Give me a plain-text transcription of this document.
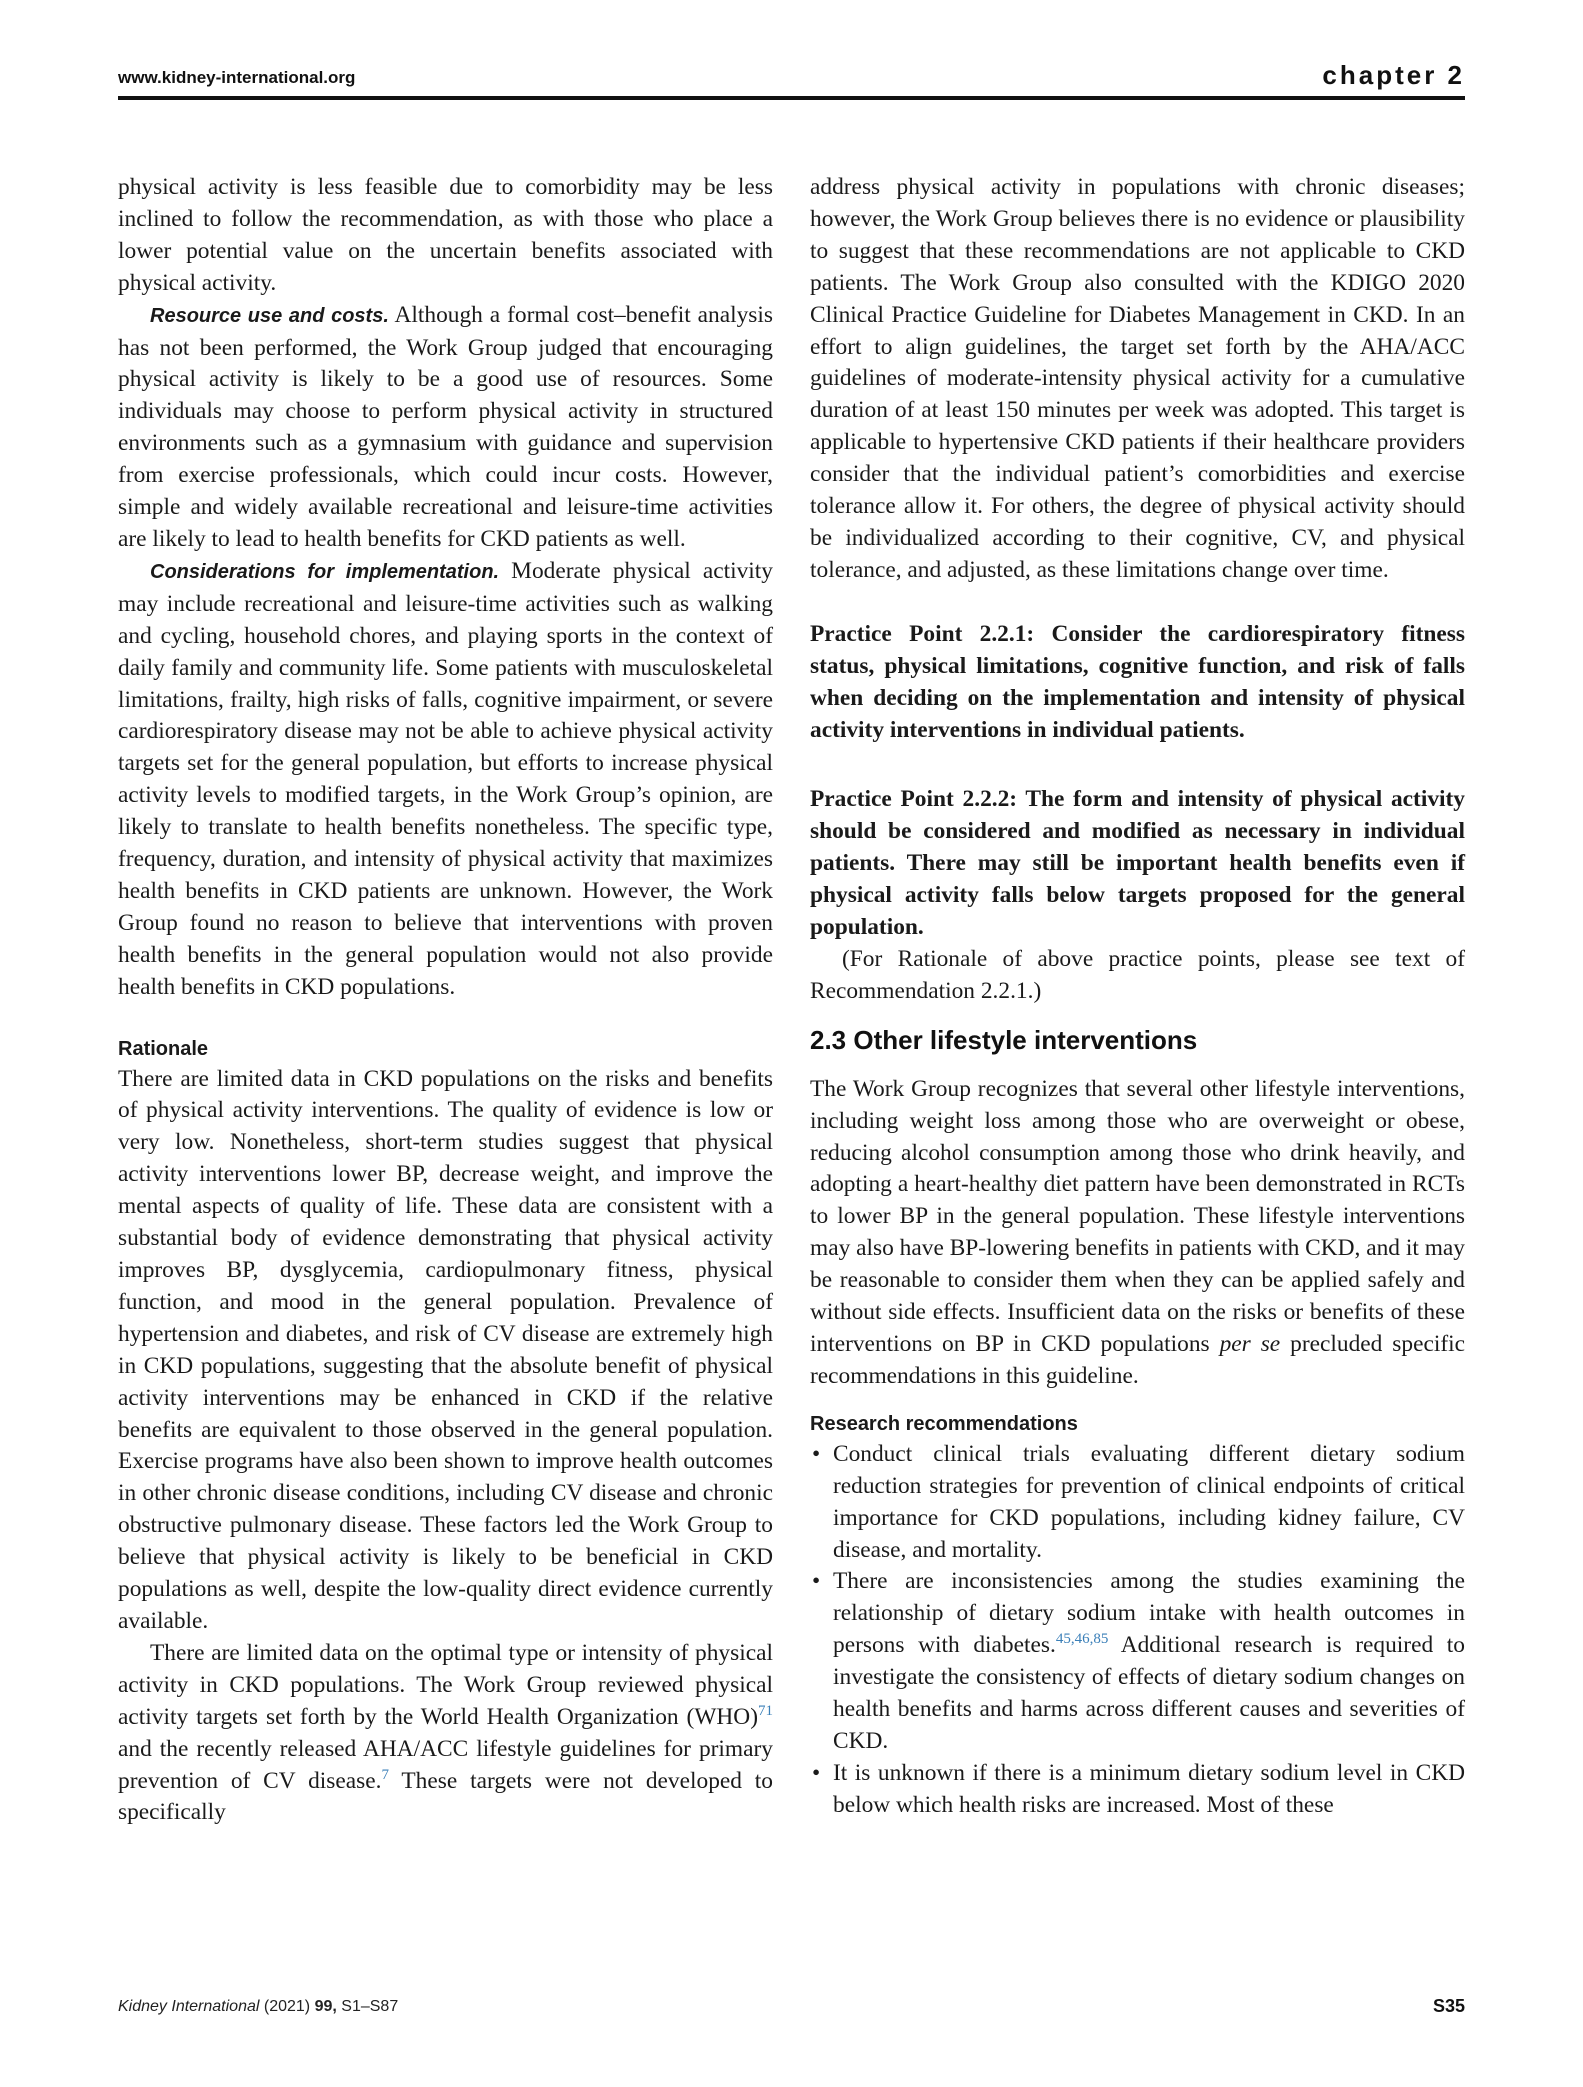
www.kidney-international.org	chapter 2

physical activity is less feasible due to comorbidity may be less inclined to follow the recommendation, as with those who place a lower potential value on the uncertain benefits associated with physical activity.

Resource use and costs. Although a formal cost–benefit analysis has not been performed, the Work Group judged that encouraging physical activity is likely to be a good use of resources. Some individuals may choose to perform physical activity in structured environments such as a gymnasium with guidance and supervision from exercise professionals, which could incur costs. However, simple and widely available recreational and leisure-time activities are likely to lead to health benefits for CKD patients as well.

Considerations for implementation. Moderate physical activity may include recreational and leisure-time activities such as walking and cycling, household chores, and playing sports in the context of daily family and community life. Some patients with musculoskeletal limitations, frailty, high risks of falls, cognitive impairment, or severe cardiorespiratory disease may not be able to achieve physical activity targets set for the general population, but efforts to increase physical activity levels to modified targets, in the Work Group’s opinion, are likely to translate to health benefits nonetheless. The specific type, frequency, duration, and intensity of physical activity that maximizes health benefits in CKD patients are unknown. However, the Work Group found no reason to believe that interventions with proven health benefits in the general population would not also provide health benefits in CKD populations.

Rationale

There are limited data in CKD populations on the risks and benefits of physical activity interventions. The quality of evidence is low or very low. Nonetheless, short-term studies suggest that physical activity interventions lower BP, decrease weight, and improve the mental aspects of quality of life. These data are consistent with a substantial body of evidence demonstrating that physical activity improves BP, dysglycemia, cardiopulmonary fitness, physical function, and mood in the general population. Prevalence of hypertension and diabetes, and risk of CV disease are extremely high in CKD populations, suggesting that the absolute benefit of physical activity interventions may be enhanced in CKD if the relative benefits are equivalent to those observed in the general population. Exercise programs have also been shown to improve health outcomes in other chronic disease conditions, including CV disease and chronic obstructive pulmonary disease. These factors led the Work Group to believe that physical activity is likely to be beneficial in CKD populations as well, despite the low-quality direct evidence currently available.

There are limited data on the optimal type or intensity of physical activity in CKD populations. The Work Group reviewed physical activity targets set forth by the World Health Organization (WHO)$^{71}$ and the recently released AHA/ACC lifestyle guidelines for primary prevention of CV disease.$^7$ These targets were not developed to specifically

address physical activity in populations with chronic diseases; however, the Work Group believes there is no evidence or plausibility to suggest that these recommendations are not applicable to CKD patients. The Work Group also consulted with the KDIGO 2020 Clinical Practice Guideline for Diabetes Management in CKD. In an effort to align guidelines, the target set forth by the AHA/ACC guidelines of moderate-intensity physical activity for a cumulative duration of at least 150 minutes per week was adopted. This target is applicable to hypertensive CKD patients if their healthcare providers consider that the individual patient’s comorbidities and exercise tolerance allow it. For others, the degree of physical activity should be individualized according to their cognitive, CV, and physical tolerance, and adjusted, as these limitations change over time.

Practice Point 2.2.1: Consider the cardiorespiratory fitness status, physical limitations, cognitive function, and risk of falls when deciding on the implementation and intensity of physical activity interventions in individual patients.

Practice Point 2.2.2: The form and intensity of physical activity should be considered and modified as necessary in individual patients. There may still be important health benefits even if physical activity falls below targets proposed for the general population.

(For Rationale of above practice points, please see text of Recommendation 2.2.1.)

2.3 Other lifestyle interventions

The Work Group recognizes that several other lifestyle interventions, including weight loss among those who are overweight or obese, reducing alcohol consumption among those who drink heavily, and adopting a heart-healthy diet pattern have been demonstrated in RCTs to lower BP in the general population. These lifestyle interventions may also have BP-lowering benefits in patients with CKD, and it may be reasonable to consider them when they can be applied safely and without side effects. Insufficient data on the risks or benefits of these interventions on BP in CKD populations per se precluded specific recommendations in this guideline.

Research recommendations
• Conduct clinical trials evaluating different dietary sodium reduction strategies for prevention of clinical endpoints of critical importance for CKD populations, including kidney failure, CV disease, and mortality.
• There are inconsistencies among the studies examining the relationship of dietary sodium intake with health outcomes in persons with diabetes.$^{45,46,85}$ Additional research is required to investigate the consistency of effects of dietary sodium changes on health benefits and harms across different causes and severities of CKD.
• It is unknown if there is a minimum dietary sodium level in CKD below which health risks are increased. Most of these
Kidney International (2021) 99, S1–S87	S35
